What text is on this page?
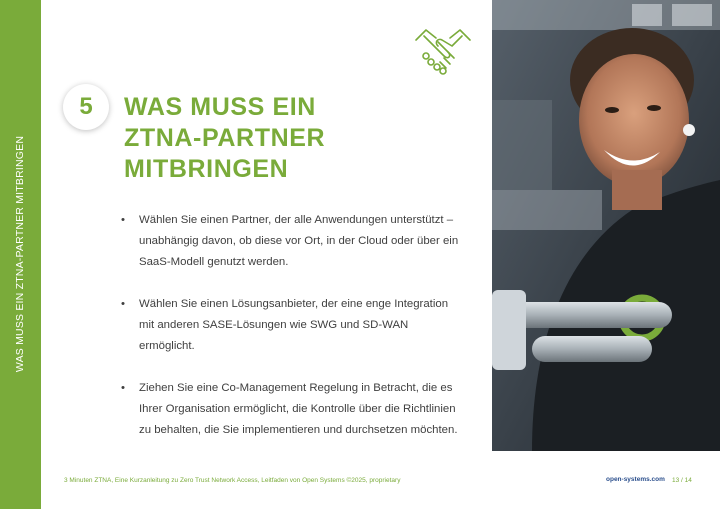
WAS MUSS EIN ZTNA-PARTNER MITBRINGEN
5	WAS MUSS EIN
ZTNA-PARTNER
MITBRINGEN
• Wählen Sie einen Partner, der alle Anwendungen unterstützt – unabhängig davon, ob diese vor Ort, in der Cloud oder über ein SaaS-Modell genutzt werden.
• Wählen Sie einen Lösungsanbieter, der eine enge Integration mit anderen SASE-Lösungen wie SWG und SD-WAN ermöglicht.
• Ziehen Sie eine Co-Management Regelung in Betracht, die es Ihrer Organisation ermöglicht, die Kontrolle über die Richtlinien zu behalten, die Sie implementieren und durchsetzen möchten.
3 Minuten ZTNA, Eine Kurzanleitung zu Zero Trust Network Access, Leitfaden von Open Systems ©2025, proprietary	open-systems.com 13 / 14
